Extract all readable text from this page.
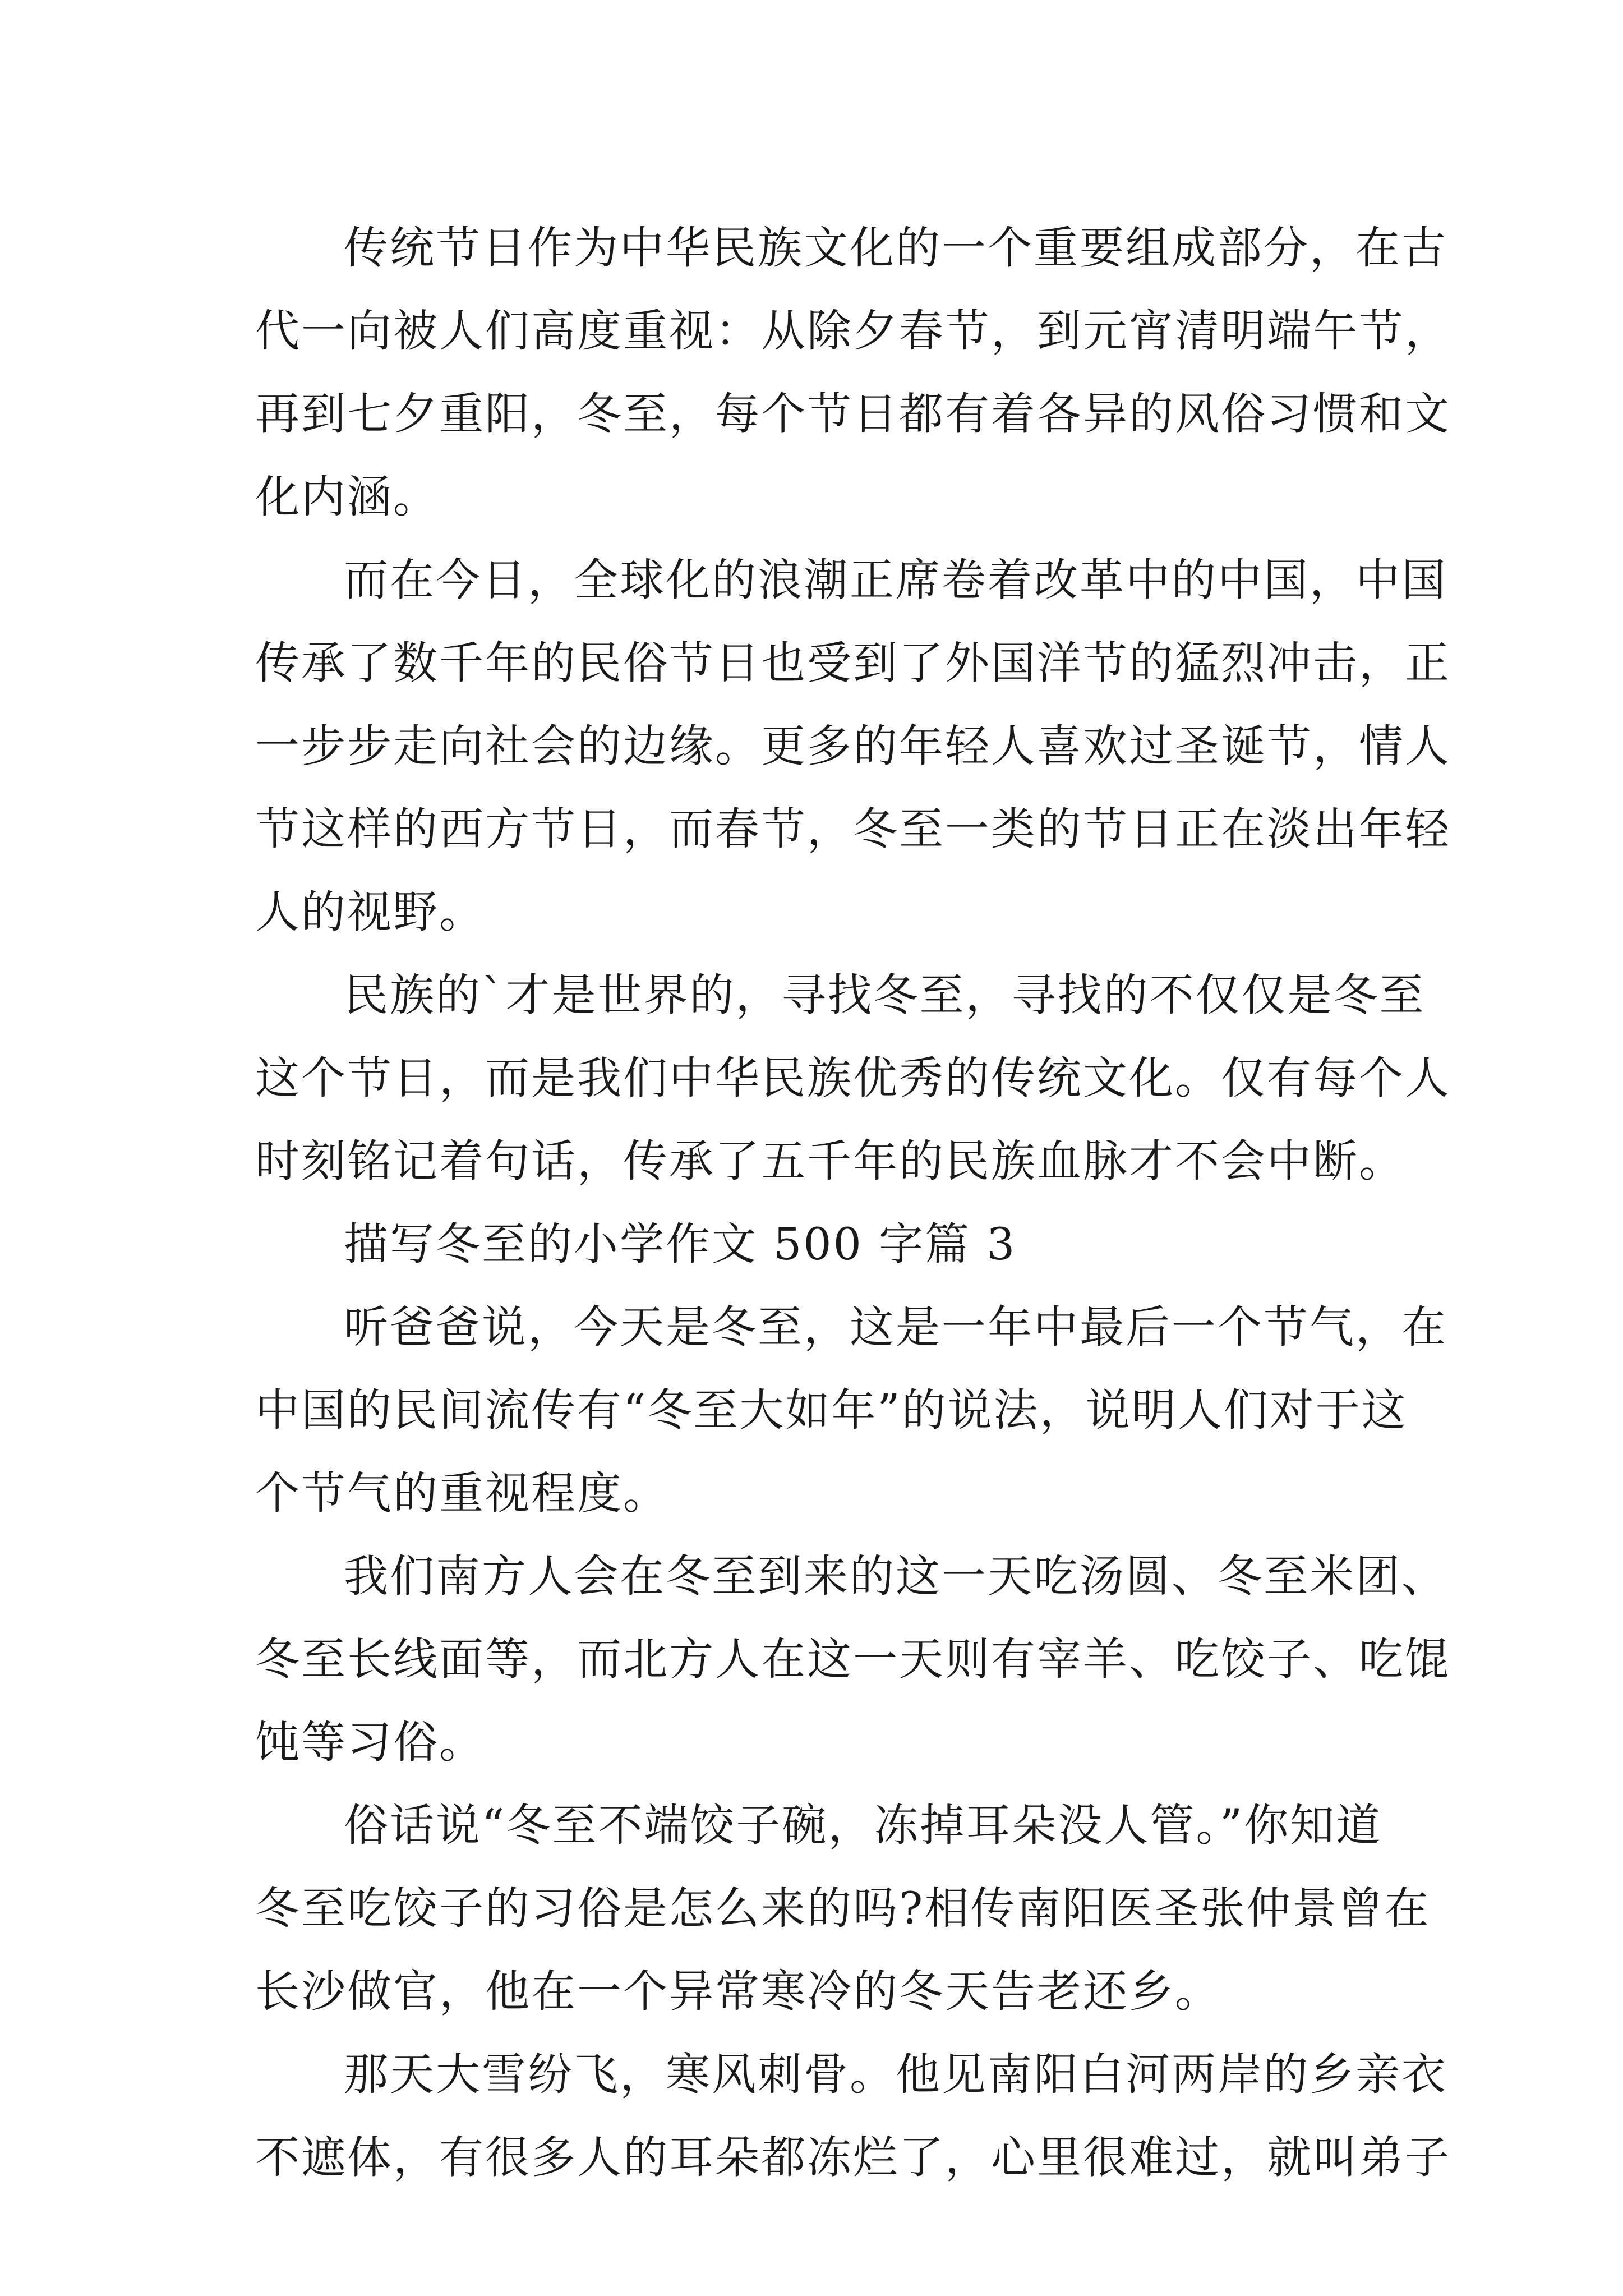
传统节日作为中华民族文化的一个重要组成部分，在古
代一向被人们高度重视：从除夕春节，到元宵清明端午节，
再到七夕重阳，冬至，每个节日都有着各异的风俗习惯和文
化内涵。

而在今日，全球化的浪潮正席卷着改革中的中国，中国
传承了数千年的民俗节日也受到了外国洋节的猛烈冲击，正
一步步走向社会的边缘。更多的年轻人喜欢过圣诞节，情人
节这样的西方节日，而春节，冬至一类的节日正在淡出年轻
人的视野。

民族的`才是世界的，寻找冬至，寻找的不仅仅是冬至
这个节日，而是我们中华民族优秀的传统文化。仅有每个人
时刻铭记着句话，传承了五千年的民族血脉才不会中断。

描写冬至的小学作文 500 字篇 3

听爸爸说，今天是冬至，这是一年中最后一个节气，在
中国的民间流传有“冬至大如年”的说法，说明人们对于这
个节气的重视程度。

我们南方人会在冬至到来的这一天吃汤圆、冬至米团、
冬至长线面等，而北方人在这一天则有宰羊、吃饺子、吃馄
饨等习俗。

俗话说“冬至不端饺子碗，冻掉耳朵没人管。”你知道
冬至吃饺子的习俗是怎么来的吗?相传南阳医圣张仲景曾在
长沙做官，他在一个异常寒冷的冬天告老还乡。

那天大雪纷飞，寒风刺骨。他见南阳白河两岸的乡亲衣
不遮体，有很多人的耳朵都冻烂了，心里很难过，就叫弟子
